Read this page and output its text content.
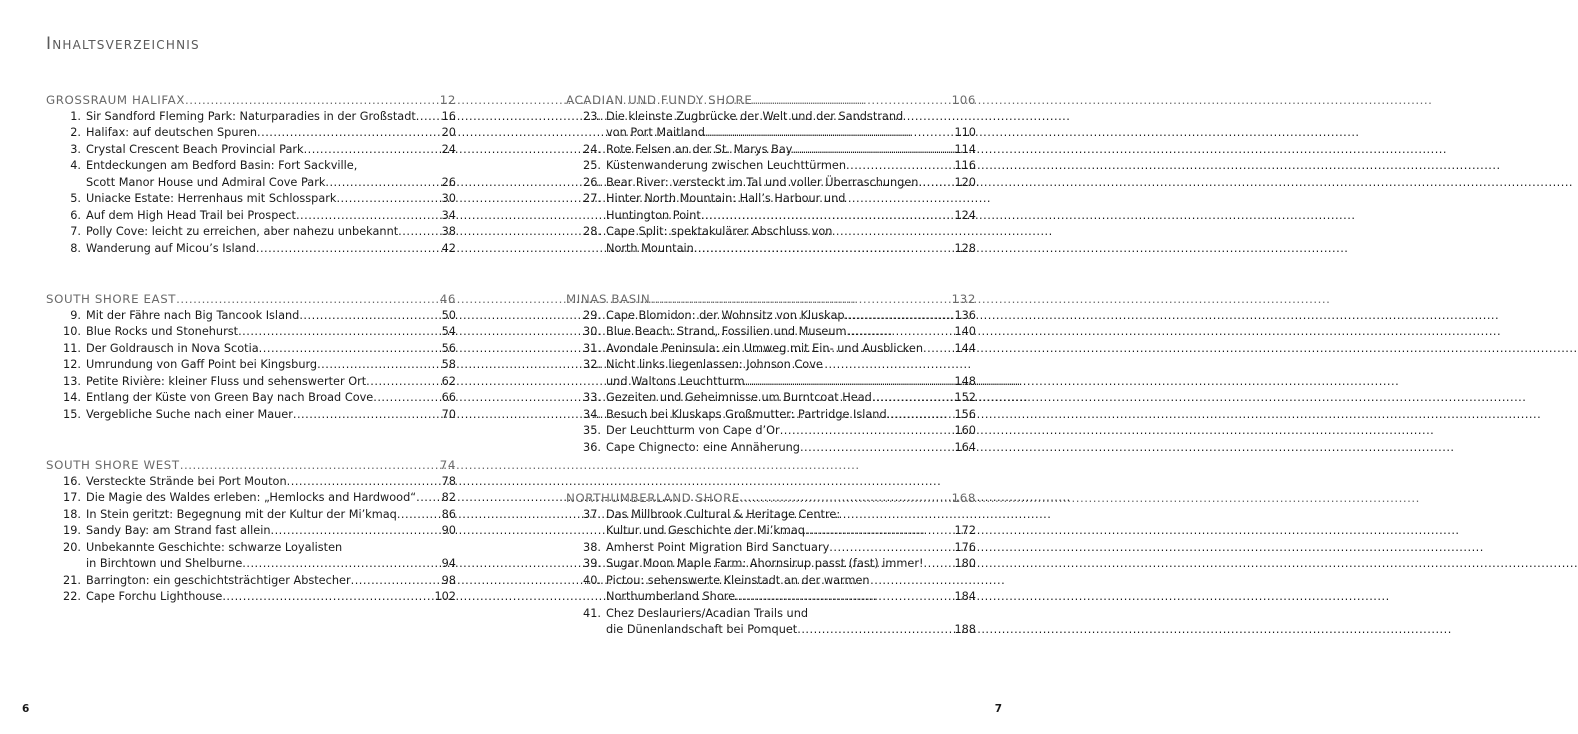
Inhaltsverzeichnis
GROSSRAUM HALIFAX .....	12
1. Sir Sandford Fleming Park: Naturparadies in der Großstadt ..... 16
2. Halifax: auf deutschen Spuren .....	20
3. Crystal Crescent Beach Provincial Park .....	24
4. Entdeckungen am Bedford Basin: Fort Sackville,
Scott Manor House und Admiral Cove Park .....	26
5. Uniacke Estate: Herrenhaus mit Schlosspark .....	30
6. Auf dem High Head Trail bei Prospect .....	34
7. Polly Cove: leicht zu erreichen, aber nahezu unbekannt .....	38
8. Wanderung auf Micou’s Island .....	42
SOUTH SHORE EAST .....	46
9. Mit der Fähre nach Big Tancook Island .....	50
10. Blue Rocks und Stonehurst .....	54
11. Der Goldrausch in Nova Scotia .....	56
12. Umrundung von Gaff Point bei Kingsburg .....	58
13. Petite Rivière: kleiner Fluss und sehenswerter Ort .....	62
14. Entlang der Küste von Green Bay nach Broad Cove .....	66
15. Vergebliche Suche nach einer Mauer .....	70
SOUTH SHORE WEST .....	74
16. Versteckte Strände bei Port Mouton .....	78
17. Die Magie des Waldes erleben: „Hemlocks and Hardwood“ ..... 82
18. In Stein geritzt: Begegnung mit der Kultur der Mi’kmaq .....	86
19. Sandy Bay: am Strand fast allein .....	90
20. Unbekannte Geschichte: schwarze Loyalisten
in Birchtown und Shelburne .....	94
21. Barrington: ein geschichtsträchtiger Abstecher .....	98
22. Cape Forchu Lighthouse .....	102
ACADIAN UND FUNDY SHORE .....	106
23. Die kleinste Zugbrücke der Welt und der Sandstrand
von Port Maitland .....	110
24. Rote Felsen an der St. Marys Bay .....	114
25. Küstenwanderung zwischen Leuchttürmen .....	116
26. Bear River: versteckt im Tal und voller Überraschungen .....	120
27. Hinter North Mountain: Hall’s Harbour und
Huntington Point .....	124
28. Cape Split: spektakulärer Abschluss von
North Mountain .....	128
MINAS BASIN .....	132
29. Cape Blomidon: der Wohnsitz von Kluskap .....	136
30. Blue Beach: Strand, Fossilien und Museum .....	140
31. Avondale Peninsula: ein Umweg mit Ein- und Ausblicken .....	144
32. Nicht links liegenlassen: Johnson Cove
und Waltons Leuchtturm .....	148
33. Gezeiten und Geheimnisse um Burntcoat Head .....	152
34. Besuch bei Kluskaps Großmutter: Partridge Island .....	156
35. Der Leuchtturm von Cape d’Or .....	160
36. Cape Chignecto: eine Annäherung .....	164
NORTHUMBERLAND SHORE .....	168
37. Das Millbrook Cultural & Heritage Centre:
Kultur und Geschichte der Mi’kmaq .....	172
38. Amherst Point Migration Bird Sanctuary .....	176
39. Sugar Moon Maple Farm: Ahornsirup passt (fast) immer! .....	180
40. Pictou: sehenswerte Kleinstadt an der warmen
Northumberland Shore .....	184
41. Chez Deslauriers/Acadian Trails und
die Dünenlandschaft bei Pomquet .....	188
6	7
